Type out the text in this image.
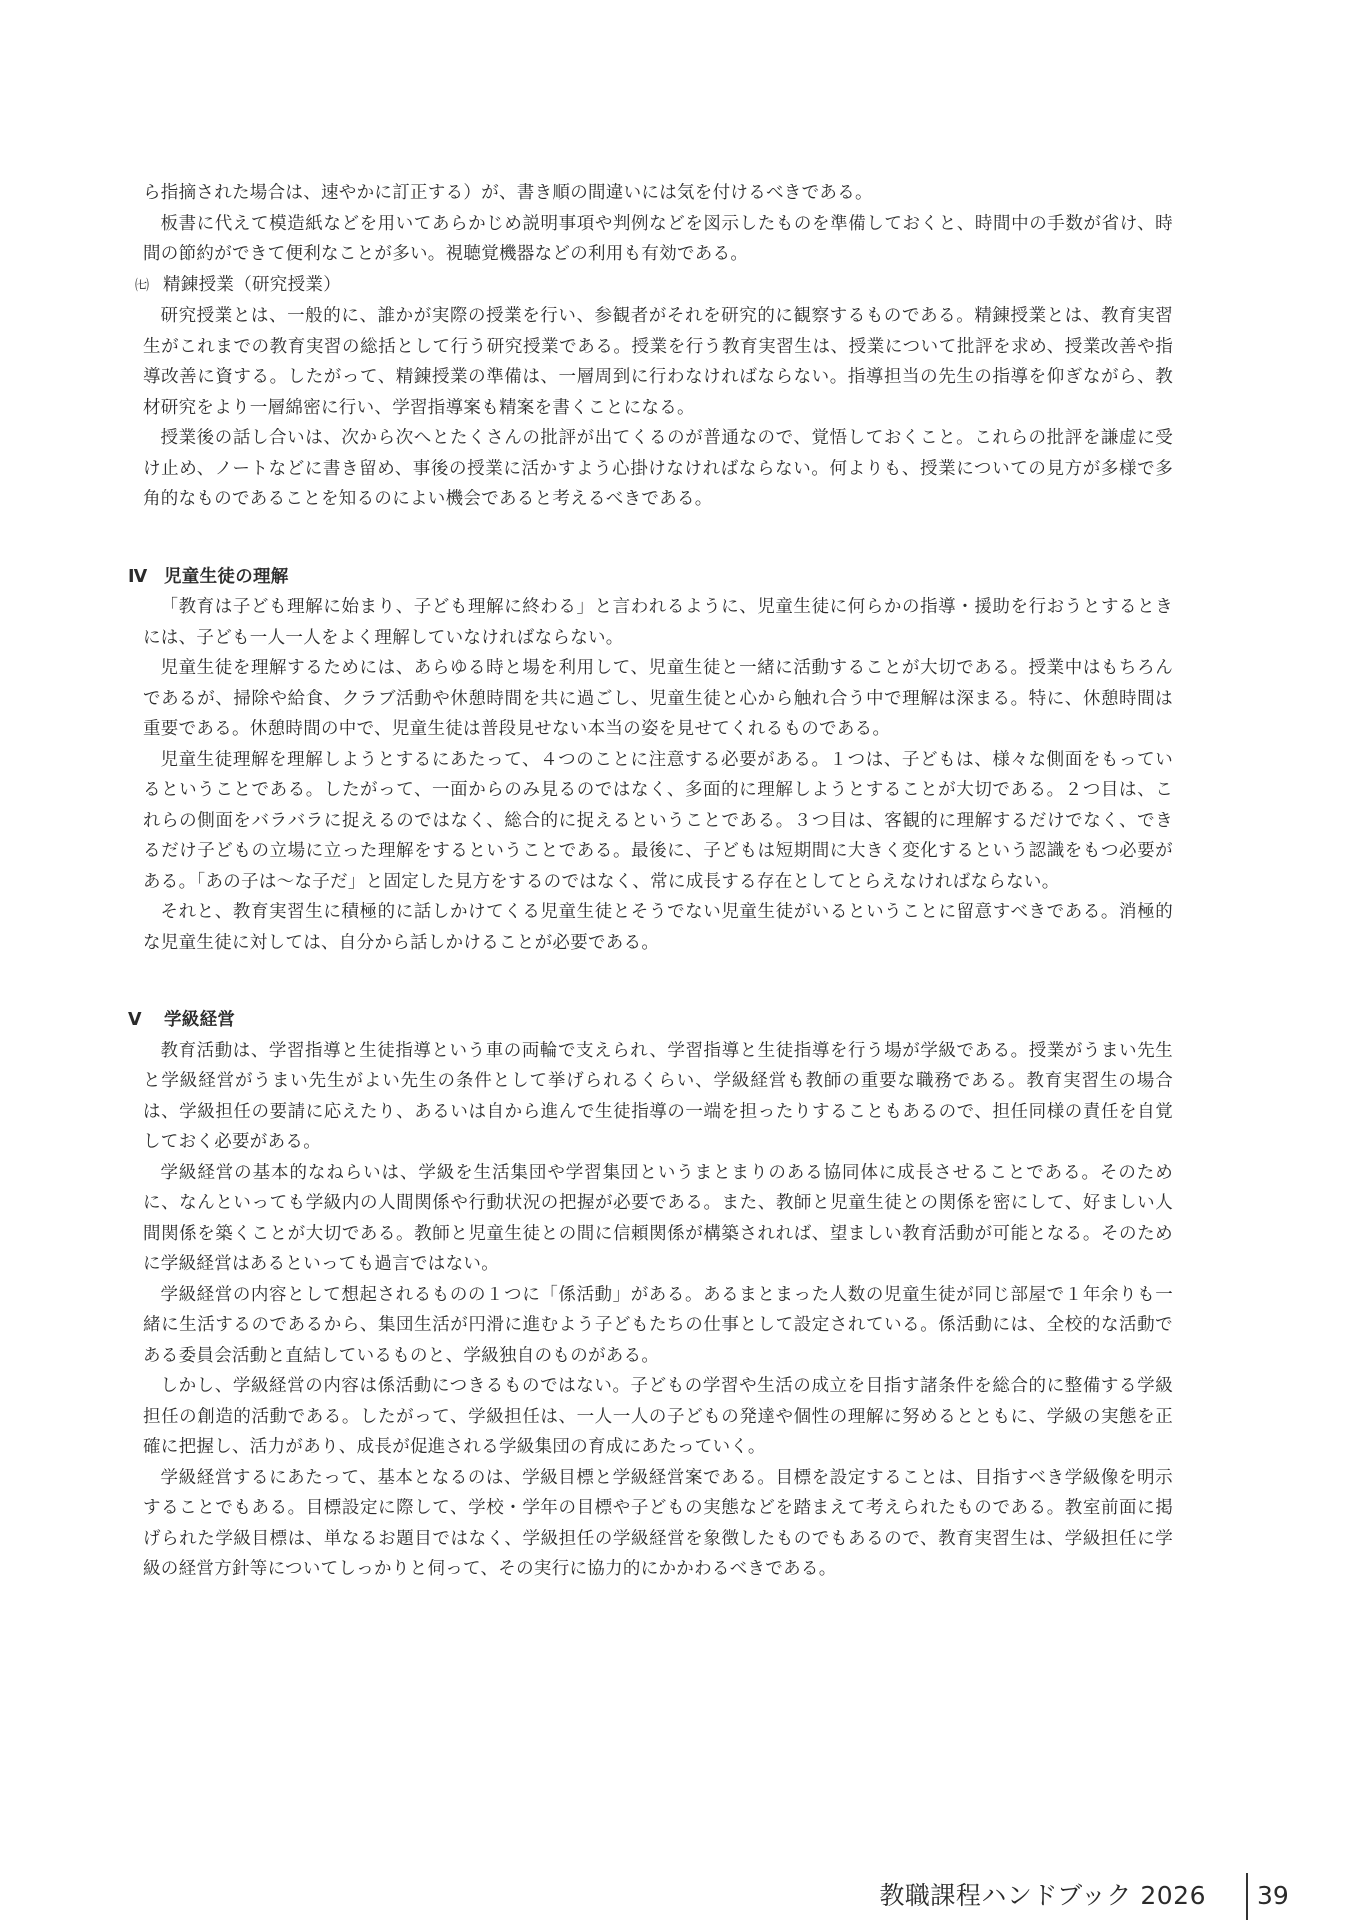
ら指摘された場合は、速やかに訂正する）が、書き順の間違いには気を付けるべきである。

板書に代えて模造紙などを用いてあらかじめ説明事項や判例などを図示したものを準備しておくと、時間中の手数が省け、時間の節約ができて便利なことが多い。視聴覚機器などの利用も有効である。

㈦ 精錬授業（研究授業）

研究授業とは、一般的に、誰かが実際の授業を行い、参観者がそれを研究的に観察するものである。精錬授業とは、教育実習生がこれまでの教育実習の総括として行う研究授業である。授業を行う教育実習生は、授業について批評を求め、授業改善や指導改善に資する。したがって、精錬授業の準備は、一層周到に行わなければならない。指導担当の先生の指導を仰ぎながら、教材研究をより一層綿密に行い、学習指導案も精案を書くことになる。

授業後の話し合いは、次から次へとたくさんの批評が出てくるのが普通なので、覚悟しておくこと。これらの批評を謙虚に受け止め、ノートなどに書き留め、事後の授業に活かすよう心掛けなければならない。何よりも、授業についての見方が多様で多角的なものであることを知るのによい機会であると考えるべきである。

Ⅳ 児童生徒の理解

「教育は子ども理解に始まり、子ども理解に終わる」と言われるように、児童生徒に何らかの指導・援助を行おうとするときには、子ども一人一人をよく理解していなければならない。

児童生徒を理解するためには、あらゆる時と場を利用して、児童生徒と一緒に活動することが大切である。授業中はもちろんであるが、掃除や給食、クラブ活動や休憩時間を共に過ごし、児童生徒と心から触れ合う中で理解は深まる。特に、休憩時間は重要である。休憩時間の中で、児童生徒は普段見せない本当の姿を見せてくれるものである。

児童生徒理解を理解しようとするにあたって、４つのことに注意する必要がある。１つは、子どもは、様々な側面をもっているということである。したがって、一面からのみ見るのではなく、多面的に理解しようとすることが大切である。２つ目は、これらの側面をバラバラに捉えるのではなく、総合的に捉えるということである。３つ目は、客観的に理解するだけでなく、できるだけ子どもの立場に立った理解をするということである。最後に、子どもは短期間に大きく変化するという認識をもつ必要がある。「あの子は〜な子だ」と固定した見方をするのではなく、常に成長する存在としてとらえなければならない。

それと、教育実習生に積極的に話しかけてくる児童生徒とそうでない児童生徒がいるということに留意すべきである。消極的な児童生徒に対しては、自分から話しかけることが必要である。

Ⅴ	学級経営

教育活動は、学習指導と生徒指導という車の両輪で支えられ、学習指導と生徒指導を行う場が学級である。授業がうまい先生と学級経営がうまい先生がよい先生の条件として挙げられるくらい、学級経営も教師の重要な職務である。教育実習生の場合は、学級担任の要請に応えたり、あるいは自から進んで生徒指導の一端を担ったりすることもあるので、担任同様の責任を自覚しておく必要がある。

学級経営の基本的なねらいは、学級を生活集団や学習集団というまとまりのある協同体に成長させることである。そのために、なんといっても学級内の人間関係や行動状況の把握が必要である。また、教師と児童生徒との関係を密にして、好ましい人間関係を築くことが大切である。教師と児童生徒との間に信頼関係が構築されれば、望ましい教育活動が可能となる。そのために学級経営はあるといっても過言ではない。

学級経営の内容として想起されるものの１つに「係活動」がある。あるまとまった人数の児童生徒が同じ部屋で１年余りも一緒に生活するのであるから、集団生活が円滑に進むよう子どもたちの仕事として設定されている。係活動には、全校的な活動である委員会活動と直結しているものと、学級独自のものがある。

しかし、学級経営の内容は係活動につきるものではない。子どもの学習や生活の成立を目指す諸条件を総合的に整備する学級担任の創造的活動である。したがって、学級担任は、一人一人の子どもの発達や個性の理解に努めるとともに、学級の実態を正確に把握し、活力があり、成長が促進される学級集団の育成にあたっていく。

学級経営するにあたって、基本となるのは、学級目標と学級経営案である。目標を設定することは、目指すべき学級像を明示することでもある。目標設定に際して、学校・学年の目標や子どもの実態などを踏まえて考えられたものである。教室前面に掲げられた学級目標は、単なるお題目ではなく、学級担任の学級経営を象徴したものでもあるので、教育実習生は、学級担任に学級の経営方針等についてしっかりと伺って、その実行に協力的にかかわるべきである。

教職課程ハンドブック 2026 39
